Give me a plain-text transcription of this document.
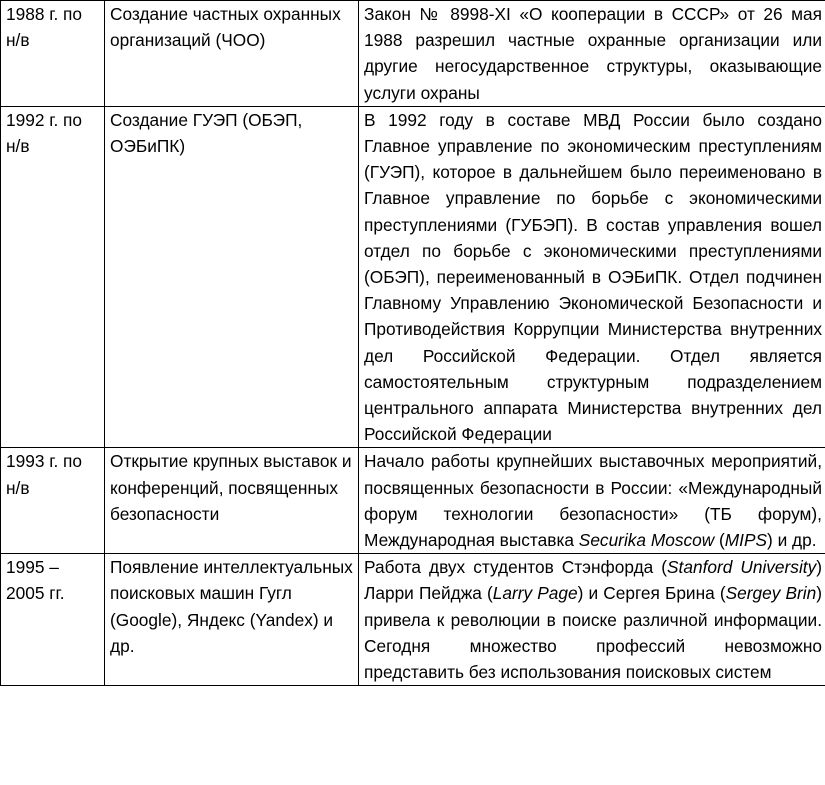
1988 г. по н/в	Создание частных охранных организаций (ЧОО)	Закон № 8998-XI «О кооперации в СССР» от 26 мая 1988 разрешил частные охранные организации или другие негосударственное структуры, оказывающие услуги охраны
1992 г. по н/в	Создание ГУЭП (ОБЭП, ОЭБиПК)	В 1992 году в составе МВД России было создано Главное управление по экономическим преступлениям (ГУЭП), которое в дальнейшем было переименовано в Главное управление по борьбе с экономическими преступлениями (ГУБЭП). В состав управления вошел отдел по борьбе с экономическими преступлениями (ОБЭП), переименованный в ОЭБиПК. Отдел подчинен Главному Управлению Экономической Безопасности и Противодействия Коррупции Министерства внутренних дел Российской Федерации. Отдел является самостоятельным структурным подразделением центрального аппарата Министерства внутренних дел Российской Федерации
1993 г. по н/в	Открытие крупных выставок и конференций, посвященных безопасности	Начало работы крупнейших выставочных мероприятий, посвященных безопасности в России: «Международный форум технологии безопасности» (ТБ форум), Международная выставка Securika Moscow (MIPS) и др.
1995 – 2005 гг.	Появление интеллектуальных поисковых машин Гугл (Google), Яндекс (Yandex) и др.	Работа двух студентов Стэнфорда (Stanford University) Ларри Пейджа (Larry Page) и Сергея Брина (Sergey Brin) привела к революции в поиске различной информации. Сегодня множество профессий невозможно представить без использования поисковых систем
